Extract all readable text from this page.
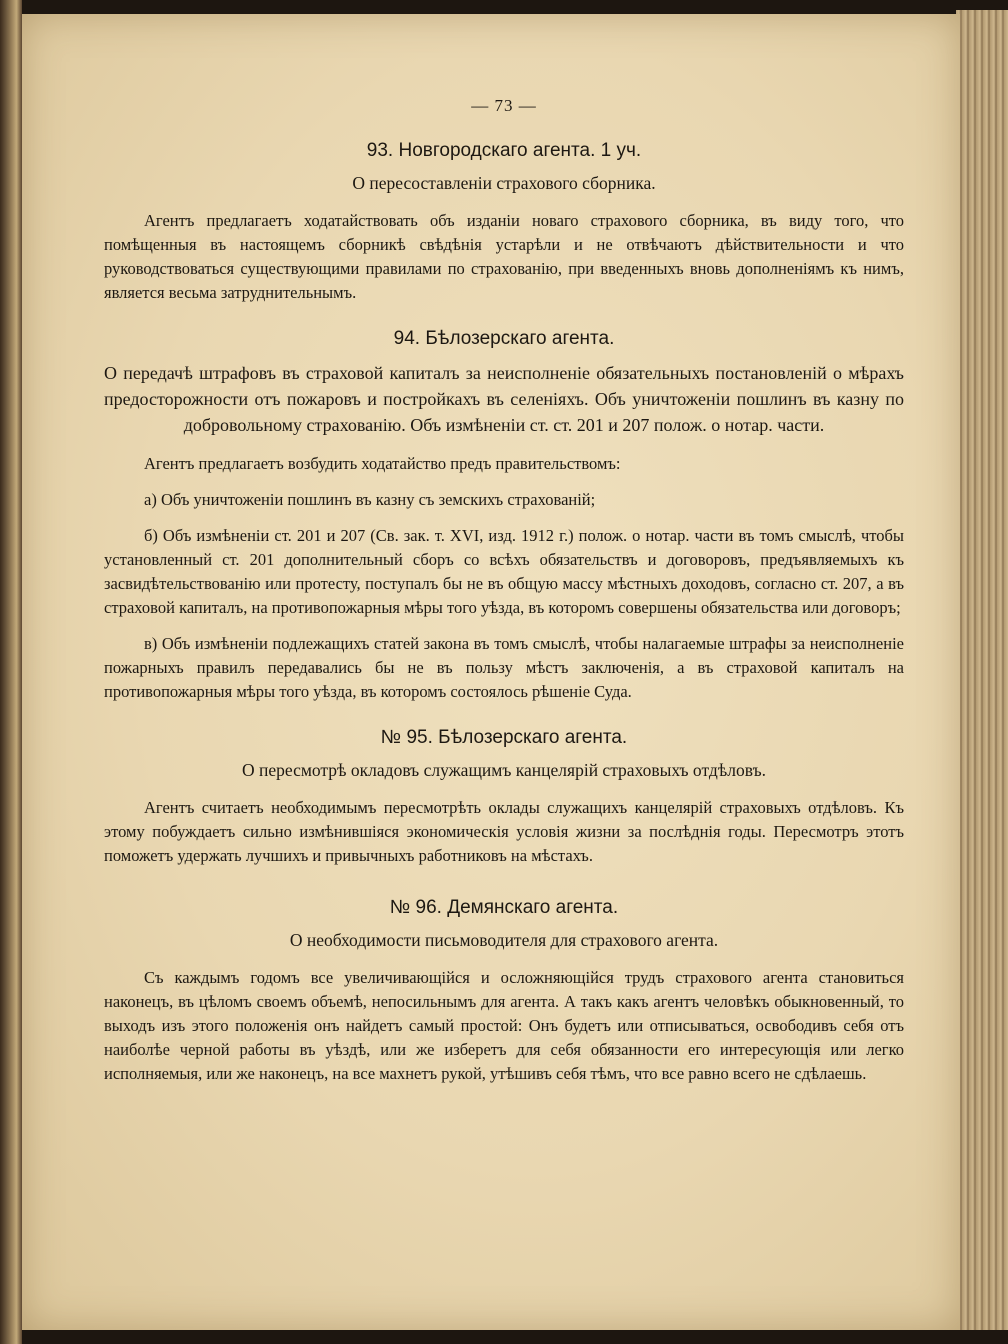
— 73 —
93. Новгородскаго агента. 1 уч.
О пересоставленіи страхового сборника.

Агентъ предлагаетъ ходатайствовать объ изданіи новаго страхового сборника, въ виду того, что помѣщенныя въ настоящемъ сборникѣ свѣдѣнія устарѣли и не отвѣчаютъ дѣйствительности и что руководствоваться существующими правилами по страхованію, при введенныхъ вновь дополненіямъ къ нимъ, является весьма затруднительнымъ.

94. Бѣлозерскаго агента.
О передачѣ штрафовъ въ страховой капиталъ за неисполненіе обязательныхъ постановленій о мѣрахъ предосторожности отъ пожаровъ и постройкахъ въ селеніяхъ. Объ уничтоженіи пошлинъ въ казну по добровольному страхованію. Объ измѣненіи ст. ст. 201 и 207 полож. о нотар. части.

Агентъ предлагаетъ возбудить ходатайство предъ правительствомъ:

а) Объ уничтоженіи пошлинъ въ казну съ земскихъ страхованій;

б) Объ измѣненіи ст. 201 и 207 (Св. зак. т. XVI, изд. 1912 г.) полож. о нотар. части въ томъ смыслѣ, чтобы установленный ст. 201 дополнительный сборъ со всѣхъ обязательствъ и договоровъ, предъявляемыхъ къ засвидѣтельствованію или протесту, поступалъ бы не въ общую массу мѣстныхъ доходовъ, согласно ст. 207, а въ страховой капиталъ, на противопожарныя мѣры того уѣзда, въ которомъ совершены обязательства или договоръ;

в) Объ измѣненіи подлежащихъ статей закона въ томъ смыслѣ, чтобы налагаемые штрафы за неисполненіе пожарныхъ правилъ передавались бы не въ пользу мѣстъ заключенія, а въ страховой капиталъ на противопожарныя мѣры того уѣзда, въ которомъ состоялось рѣшеніе Суда.

№ 95. Бѣлозерскаго агента.
О пересмотрѣ окладовъ служащимъ канцелярій страховыхъ отдѣловъ.

Агентъ считаетъ необходимымъ пересмотрѣть оклады служащихъ канцелярій страховыхъ отдѣловъ. Къ этому побуждаетъ сильно измѣнившіяся экономическія условія жизни за послѣднія годы. Пересмотръ этотъ поможетъ удержать лучшихъ и привычныхъ работниковъ на мѣстахъ.

№ 96. Демянскаго агента.
О необходимости письмоводителя для страхового агента.

Съ каждымъ годомъ все увеличивающійся и осложняющійся трудъ страхового агента становиться наконецъ, въ цѣломъ своемъ объемѣ, непосильнымъ для агента. А такъ какъ агентъ человѣкъ обыкновенный, то выходъ изъ этого положенія онъ найдетъ самый простой: Онъ будетъ или отписываться, освободивъ себя отъ наиболѣе черной работы въ уѣздѣ, или же изберетъ для себя обязанности его интересующія или легко исполняемыя, или же наконецъ, на все махнетъ рукой, утѣшивъ себя тѣмъ, что все равно всего не сдѣлаешь.
